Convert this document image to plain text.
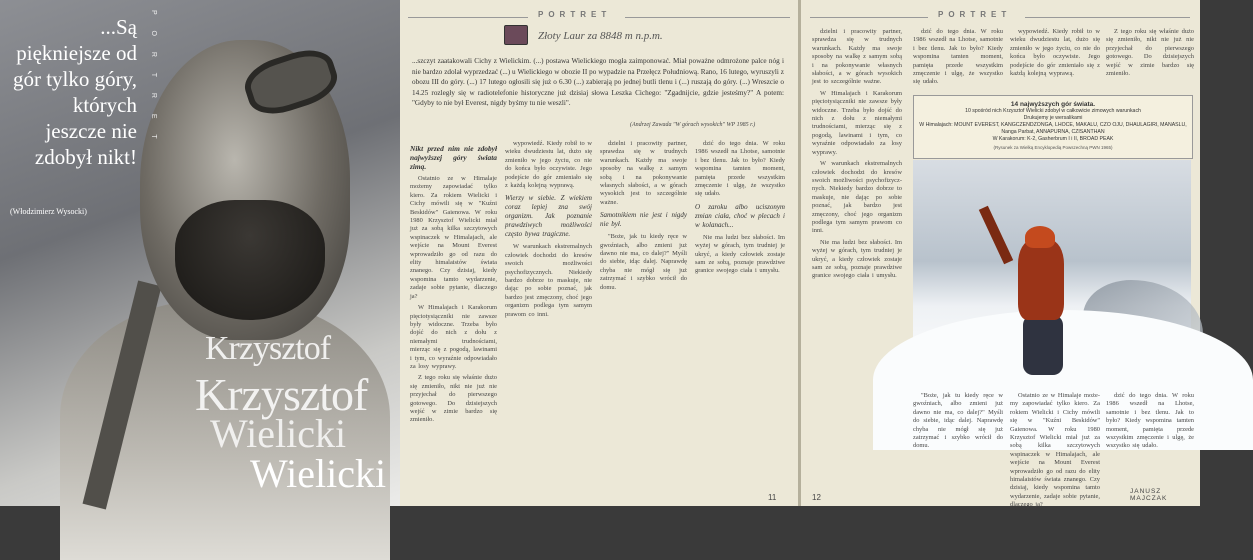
...Są piękniejsze od gór tylko góry, których jeszcze nie zdobył nikt!
(Włodzimierz Wysocki)
P O R T R E T
Krzysztof
Krzysztof
Wielicki
Wielicki
PORTRET
Złoty Laur za 8848 m n.p.m.
...szczyt zaatakowali Cichy z Wielickim. (...) postawa Wielickiego mogła zaimponować. Miał poważne odmrożone palce nóg i nie bardzo zdolał wyprzedzać (...) u Wielickiego w obozie II po wypadzie na Przełęcz Południową. Rano, 16 lutego, wyruszyli z obozu III do góry. (...) 17 lutego ogłosili się już o 6.30 (...) zabierają po jednej butli tlenu i (...) ruszają do góry. (...) Wreszcie o 14.25 rozległy się w radiotelefonie historyczne już dzisiaj słowa Leszka Cichego: "Zgadnijcie, gdzie jesteśmy?" A potem: "Gdyby to nie był Everest, nigdy byśmy tu nie weszli".
(Andrzej Zawada "W górach wysokich" WP 1985 r.)

Nikt przed nim nie zdobył najwyższej góry świata zimą.

Ostatnio ze w Himalaje możemy zapowiadać tylko kiero. Za rokiem Wielicki i Cichy mówili się w "Kuźni Beskidów" Gaienowa. W roku 1980 Krzysztof Wielicki miał już za sobą kilka szczytowych wspinaczek w Himalajach, ale wejście na Mount Everest wprowadziło go od razu do elity himalaistów świata znanego. Czy dzisiaj, kiedy wspomina tamto wydarzenie, zadaje sobie pytanie, dlaczego ja?

W Himalajach i Karakorum pięciotysiączniki nie zawsze były widoczne. Trzeba było dojść do nich z dołu z niemałymi trudnościami, mierząc się z pogodą, lawinami i tym, co wyraźnie odpowiadało za losy wyprawy.

Z tego roku się właśnie dużo się zmieniło, nikt nie już nie przyjechał do pierwszego gotowego. Do dzisiejszych wejść w zimie bardzo się zmieniło.

wypowiedź. Kiedy robił to w wieku dwudziestu lat, dużo się zmieniło w jego życiu, co nie do końca było oczywiste. Jego podejście do gór zmieniało się z każdą kolejną wyprawą.

Wierzy w siebie. Z wiekiem coraz lepiej zna swój organizm. Jak poznanie prawdziwych możliwości często bywa tragiczne.

W warunkach ekstremalnych człowiek dochodzi do kresów swoich możliwości psychofizycznych. Niekiedy bardzo dobrze to maskuje, nie dając po sobie poznać, jak bardzo jest zmęczony, choć jego organizm podlega tym samym prawom co inni.

dzielni i pracowity partner, sprawdza się w trudnych warunkach. Każdy ma swoje sposoby na walkę z samym sobą i na pokonywanie własnych słabości, a w górach wysokich jest to szczególnie ważne.

Samotnikiem nie jest i nigdy nie był.

"Boże, jak tu kiedy ręce w gwoźniach, albo zmieni już dawno nie ma, co dalej?" Myśli do siebie, idąc dalej. Naprawdę chyba nie mógł się już zatrzymać i szybko wrócił do domu.

dzić do tego dnia. W roku 1986 wszedł na Lhotse, samotnie i bez tlenu. Jak to było? Kiedy wspomina tamten moment, pamięta przede wszystkim zmęczenie i ulgę, że wszystko się udało.

O zaroku albo uciszonym zmian ciała, choć w plecach i w kolanach...

Nie ma ludzi bez słabości. Im wyżej w górach, tym trudniej je ukryć, a kiedy człowiek zostaje sam ze sobą, poznaje prawdziwe granice swojego ciała i umysłu.

11
PORTRET

dzielni i pracowity partner, sprawdza się w trudnych warunkach. Każdy ma swoje sposoby na walkę z samym sobą i na pokonywanie własnych słabości, a w górach wysokich jest to szczególnie ważne.

W Himalajach i Karakorum pięciotysiączniki nie zawsze były widoczne. Trzeba było dojść do nich z dołu z niemałymi trudnościami, mierząc się z pogodą, lawinami i tym, co wyraźnie odpowiadało za losy wyprawy.

W warunkach ekstremalnych człowiek dochodzi do kresów swoich możliwości psychofizycznych. Niekiedy bardzo dobrze to maskuje, nie dając po sobie poznać, jak bardzo jest zmęczony, choć jego organizm podlega tym samym prawom co inni.

Nie ma ludzi bez słabości. Im wyżej w górach, tym trudniej je ukryć, a kiedy człowiek zostaje sam ze sobą, poznaje prawdziwe granice swojego ciała i umysłu.

dzić do tego dnia. W roku 1986 wszedł na Lhotse, samotnie i bez tlenu. Jak to było? Kiedy wspomina tamten moment, pamięta przede wszystkim zmęczenie i ulgę, że wszystko się udało.

wypowiedź. Kiedy robił to w wieku dwudziestu lat, dużo się zmieniło w jego życiu, co nie do końca było oczywiste. Jego podejście do gór zmieniało się z każdą kolejną wyprawą.

Z tego roku się właśnie dużo się zmieniło, nikt nie już nie przyjechał do pierwszego gotowego. Do dzisiejszych wejść w zimie bardzo się zmieniło.

14 najwyższych gór świata.
10 spośród nich Krzysztof Wielicki zdobył w całkowicie zimowych warunkach
Drukujemy je wersalikami
W Himalajach: MOUNT EVEREST, KANGCZENDZONGA, LHOCE, MAKALU, CZO OJU, DHAULAGIRI, MANASLU, Nanga Parbat, ANNAPURNA, CZISANTHAN
W Karakorum: K-2, Gasherbrum I i II, BROAD PEAK
(Rysunek za Wielką Encyklopedią Powszechną PWN 1965)

"Boże, jak tu kiedy ręce w gwoźniach, albo zmieni już dawno nie ma, co dalej?" Myśli do siebie, idąc dalej. Naprawdę chyba nie mógł się już zatrzymać i szybko wrócił do domu.

Ostatnio ze w Himalaje możemy zapowiadać tylko kiero. Za rokiem Wielicki i Cichy mówili się w "Kuźni Beskidów" Gaienowa. W roku 1980 Krzysztof Wielicki miał już za sobą kilka szczytowych wspinaczek w Himalajach, ale wejście na Mount Everest wprowadziło go od razu do elity himalaistów świata znanego. Czy dzisiaj, kiedy wspomina tamto wydarzenie, zadaje sobie pytanie, dlaczego ja?

dzić do tego dnia. W roku 1986 wszedł na Lhotse, samotnie i bez tlenu. Jak to było? Kiedy wspomina tamten moment, pamięta przede wszystkim zmęczenie i ulgę, że wszystko się udało.

JANUSZ MAJCZAK
12
